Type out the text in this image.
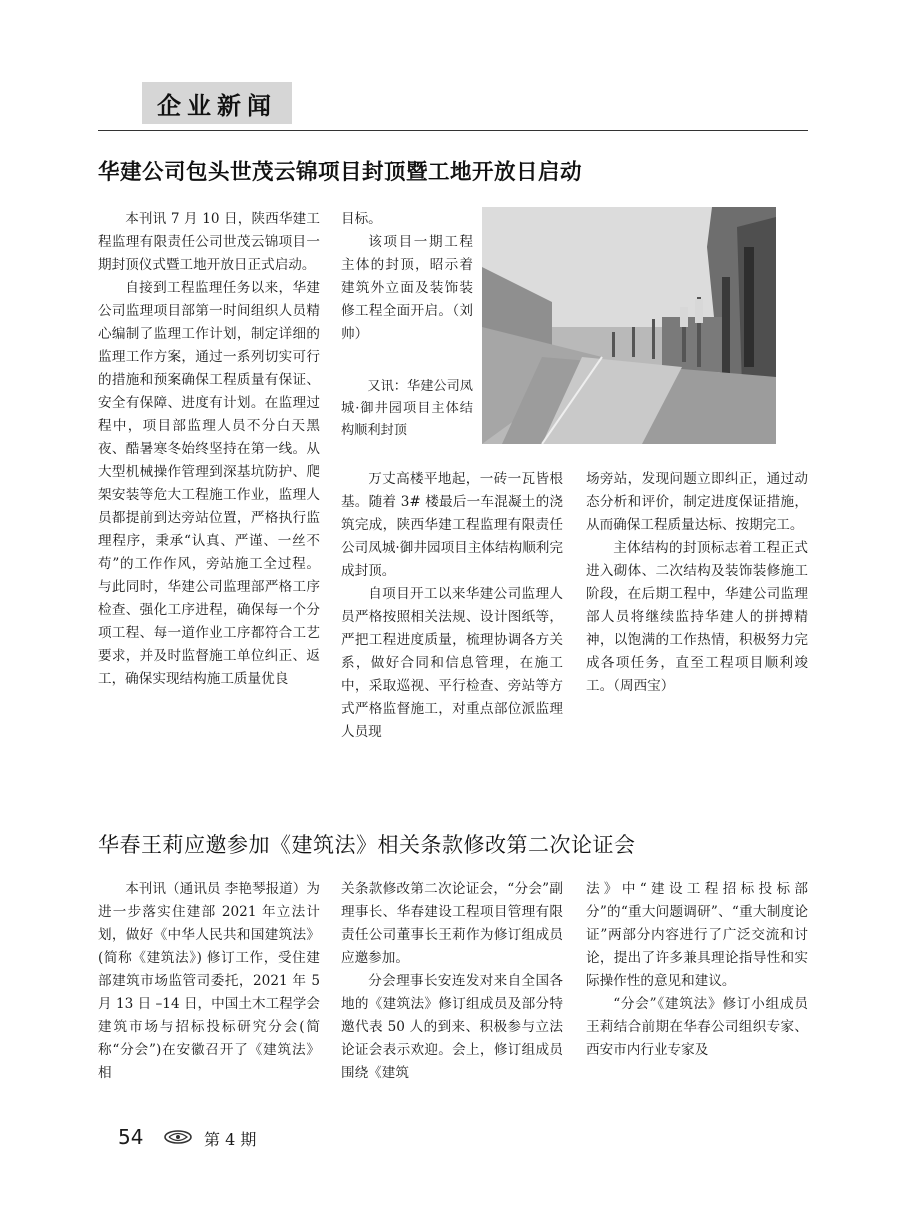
企业新闻
华建公司包头世茂云锦项目封顶暨工地开放日启动

本刊讯 7 月 10 日，陕西华建工程监理有限责任公司世茂云锦项目一期封顶仪式暨工地开放日正式启动。

自接到工程监理任务以来，华建公司监理项目部第一时间组织人员精心编制了监理工作计划，制定详细的监理工作方案，通过一系列切实可行的措施和预案确保工程质量有保证、安全有保障、进度有计划。在监理过程中，项目部监理人员不分白天黑夜、酷暑寒冬始终坚持在第一线。从大型机械操作管理到深基坑防护、爬架安装等危大工程施工作业，监理人员都提前到达旁站位置，严格执行监理程序，秉承“认真、严谨、一丝不苟”的工作作风，旁站施工全过程。与此同时，华建公司监理部严格工序检查、强化工序进程，确保每一个分项工程、每一道作业工序都符合工艺要求，并及时监督施工单位纠正、返工，确保实现结构施工质量优良

目标。

该项目一期工程主体的封顶，昭示着建筑外立面及装饰装修工程全面开启。（刘帅）

又讯：华建公司凤城·御井园项目主体结构顺利封顶

万丈高楼平地起，一砖一瓦皆根基。随着 3# 楼最后一车混凝土的浇筑完成，陕西华建工程监理有限责任公司凤城·御井园项目主体结构顺利完成封顶。

自项目开工以来华建公司监理人员严格按照相关法规、设计图纸等，严把工程进度质量，梳理协调各方关系，做好合同和信息管理，在施工中，采取巡视、平行检查、旁站等方式严格监督施工，对重点部位派监理人员现

场旁站，发现问题立即纠正，通过动态分析和评价，制定进度保证措施，从而确保工程质量达标、按期完工。

主体结构的封顶标志着工程正式进入砌体、二次结构及装饰装修施工阶段，在后期工程中，华建公司监理部人员将继续监持华建人的拼搏精神，以饱满的工作热情，积极努力完成各项任务，直至工程项目顺利竣工。（周西宝）

华春王莉应邀参加《建筑法》相关条款修改第二次论证会

本刊讯（通讯员 李艳琴报道）为进一步落实住建部 2021 年立法计划，做好《中华人民共和国建筑法》(简称《建筑法》) 修订工作，受住建部建筑市场监管司委托，2021 年 5 月 13 日 –14 日，中国土木工程学会建筑市场与招标投标研究分会(简称“分会”)在安徽召开了《建筑法》相

关条款修改第二次论证会，“分会”副理事长、华春建设工程项目管理有限责任公司董事长王莉作为修订组成员应邀参加。

分会理事长安连发对来自全国各地的《建筑法》修订组成员及部分特邀代表 50 人的到来、积极参与立法论证会表示欢迎。会上，修订组成员围绕《建筑

法》中“建设工程招标投标部分”的“重大问题调研”、“重大制度论证”两部分内容进行了广泛交流和讨论，提出了许多兼具理论指导性和实际操作性的意见和建议。

“分会”《建筑法》修订小组成员王莉结合前期在华春公司组织专家、西安市内行业专家及

54	第 4 期
